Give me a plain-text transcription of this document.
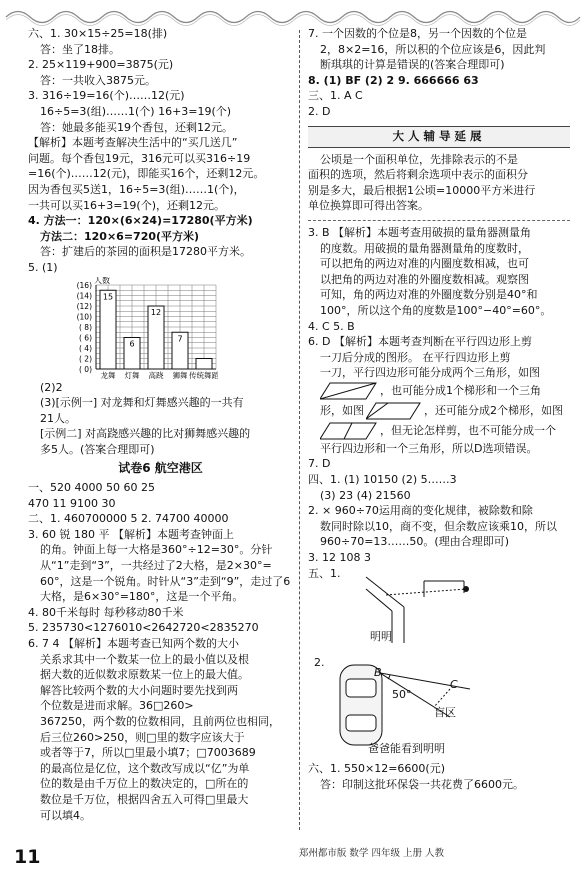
六、1. 30×15÷25=18(排)

答：坐了18排。

2. 25×119+900=3875(元)

答：一共收入3875元。

3. 316÷19=16(个)……12(元)

16÷5=3(组)……1(个) 16+3=19(个)

答：她最多能买19个香包，还剩12元。

【解析】本题考查解决生活中的“买几送几”

问题。每个香包19元，316元可以买316÷19

=16(个)……12(元)，即能买16个，还剩12元。

因为香包买5送1，16÷5=3(组)……1(个)，

一共可以买16+3=19(个)，还剩12元。

4. 方法一：120×(6×24)=17280(平方米)

方法二：120×6=720(平方米)

答：扩建后的茶园的面积是17280平方米。

5. (1)

人数
(16)
(14)
(12)
(10)
( 8)
( 6)
( 4)
( 2)
( 0)
15
龙舞
6
灯舞
12
高跷
7
狮舞 传统舞蹈

(2)2

(3)[示例一] 对龙舞和灯舞感兴趣的一共有

21人。

[示例二] 对高跷感兴趣的比对狮舞感兴趣的

多5人。(答案合理即可)

试卷6 航空港区

一、520 4000 50 60 25

470 11 9100 30

二、1. 460700000 5 2. 74700 40000

3. 60 锐 180 平 【解析】本题考查钟面上

的角。钟面上每一大格是360°÷12=30°。分针

从“1”走到“3”，一共经过了2大格，是2×30°=

60°，这是一个锐角。时针从“3”走到“9”，走过了6

大格，是6×30°=180°，这是一个平角。

4. 80千米每时 每秒移动80千米

5. 235730<1276010<2642720<2835270

6. 7 4 【解析】本题考查已知两个数的大小

关系求其中一个数某一位上的最小值以及根

据大数的近似数求原数某一位上的最大值。

解答比较两个数的大小问题时要先找到两

个位数是进而求解。36□260>

367250，两个数的位数相同，且前两位也相同，

后三位260>250，则□里的数字应该大于

或者等于7，所以□里最小填7；□7003689

的最高位是亿位，这个数改写成以“亿”为单

位的数是由千万位上的数决定的，□所在的

数位是千万位，根据四舍五入可得□里最大

可以填4。

7. 一个因数的个位是8，另一个因数的个位是

2，8×2=16，所以积的个位应该是6，因此判

断琪琪的计算是错误的(答案合理即可)

8. (1) BF (2) 2 9. 666666 63

三、1. A C

2. D

大人辅导延展

公顷是一个面积单位，先排除表示的不是

面积的选项，然后将剩余选项中表示的面积分

别是多大，最后根据1公顷=10000平方米进行

单位换算即可得出答案。

3. B 【解析】本题考查用破损的量角器测量角

的度数。用破损的量角器测量角的度数时，

可以把角的两边对准的内圈度数相减，也可

以把角的两边对准的外圈度数相减。观察图

可知，角的两边对准的外圈度数分别是40°和

100°，所以这个角的度数是100°−40°=60°。

4. C 5. B

6. D 【解析】本题考查判断在平行四边形上剪

一刀后分成的图形。 在平行四边形上剪

一刀，平行四边形可能分成两个三角形，如图

，也可能分成1个梯形和一个三角
形，如图	，还可能分成2个梯形，如图
，但无论怎样剪，也不可能分成一个

平行四边形和一个三角形，所以D选项错误。

7. D

四、1. (1) 10150 (2) 5……3

(3) 23 (4) 21560

2. × 960÷70运用商的变化规律，被除数和除

数同时除以10，商不变，但余数应该乘10，所以

960÷70=13……50。(理由合理即可)

3. 12 108 3

五、1.

明明
2.
B
C
50°
盲区
爸爸能看到明明

六、1. 550×12=6600(元)

答：印制这批环保袋一共花费了6600元。

11	郑州都市版 数学 四年级 上册 人教
